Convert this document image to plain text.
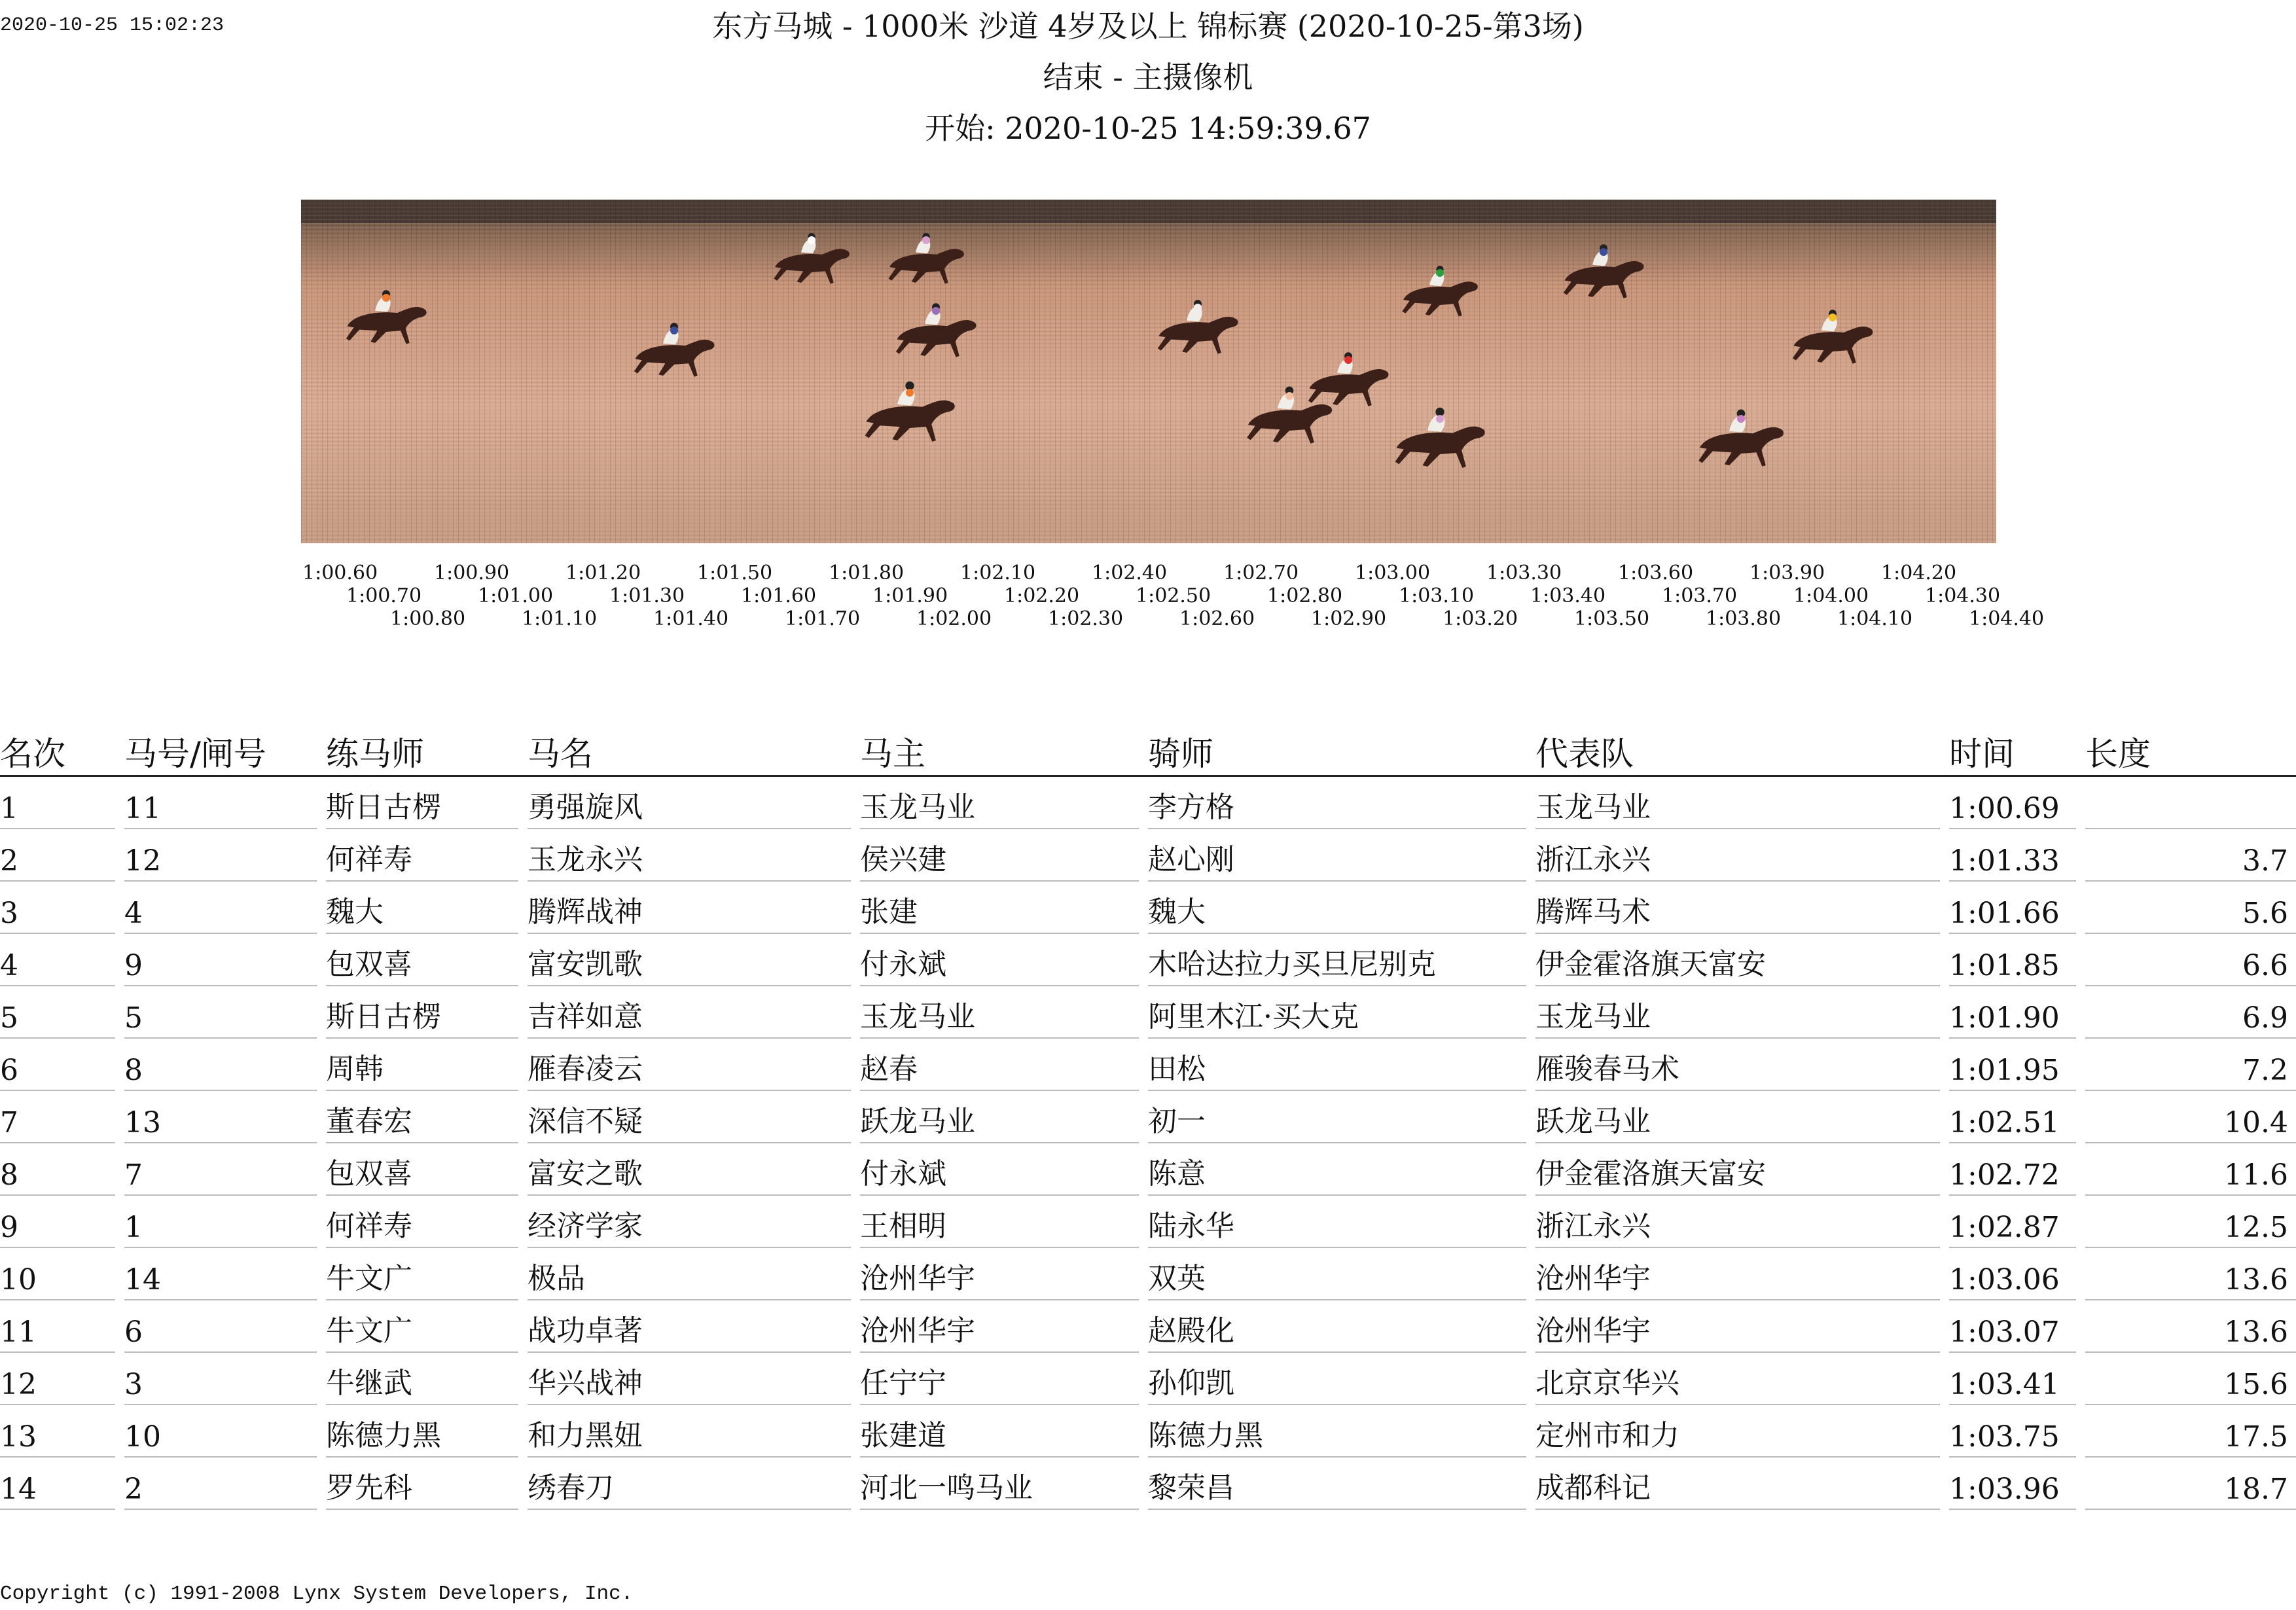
2020-10-25 15:02:23	东方马城 - 1000米 沙道 4岁及以上 锦标赛 (2020-10-25-第3场)
结束 - 主摄像机
开始: 2020-10-25 14:59:39.67
1:00.60	1:00.90	1:01.20	1:01.50	1:01.80	1:02.10	1:02.40	1:02.70	1:03.00	1:03.30	1:03.60	1:03.90	1:04.20
1:00.70	1:01.00	1:01.30	1:01.60	1:01.90	1:02.20	1:02.50	1:02.80	1:03.10	1:03.40	1:03.70	1:04.00	1:04.30
1:00.80	1:01.10	1:01.40	1:01.70	1:02.00	1:02.30	1:02.60	1:02.90	1:03.20	1:03.50	1:03.80	1:04.10	1:04.40
名次	马号/闸号	练马师	马名	马主	骑师	代表队	时间	长度

1	11	斯日古楞	勇强旋风	玉龙马业	李方格	玉龙马业	1:00.69	

2	12	何祥寿	玉龙永兴	侯兴建	赵心刚	浙江永兴	1:01.33	3.7

3	4	魏大	腾辉战神	张建	魏大	腾辉马术	1:01.66	5.6

4	9	包双喜	富安凯歌	付永斌	木哈达拉力买旦尼别克	伊金霍洛旗天富安	1:01.85	6.6

5	5	斯日古楞	吉祥如意	玉龙马业	阿里木江·买大克	玉龙马业	1:01.90	6.9

6	8	周韩	雁春凌云	赵春	田松	雁骏春马术	1:01.95	7.2

7	13	董春宏	深信不疑	跃龙马业	初一	跃龙马业	1:02.51	10.4

8	7	包双喜	富安之歌	付永斌	陈意	伊金霍洛旗天富安	1:02.72	11.6

9	1	何祥寿	经济学家	王相明	陆永华	浙江永兴	1:02.87	12.5

10	14	牛文广	极品	沧州华宇	双英	沧州华宇	1:03.06	13.6

11	6	牛文广	战功卓著	沧州华宇	赵殿化	沧州华宇	1:03.07	13.6

12	3	牛继武	华兴战神	任宁宁	孙仰凯	北京京华兴	1:03.41	15.6

13	10	陈德力黑	和力黑妞	张建道	陈德力黑	定州市和力	1:03.75	17.5

14	2	罗先科	绣春刀	河北一鸣马业	黎荣昌	成都科记	1:03.96	18.7
Copyright (c) 1991-2008 Lynx System Developers, Inc.
